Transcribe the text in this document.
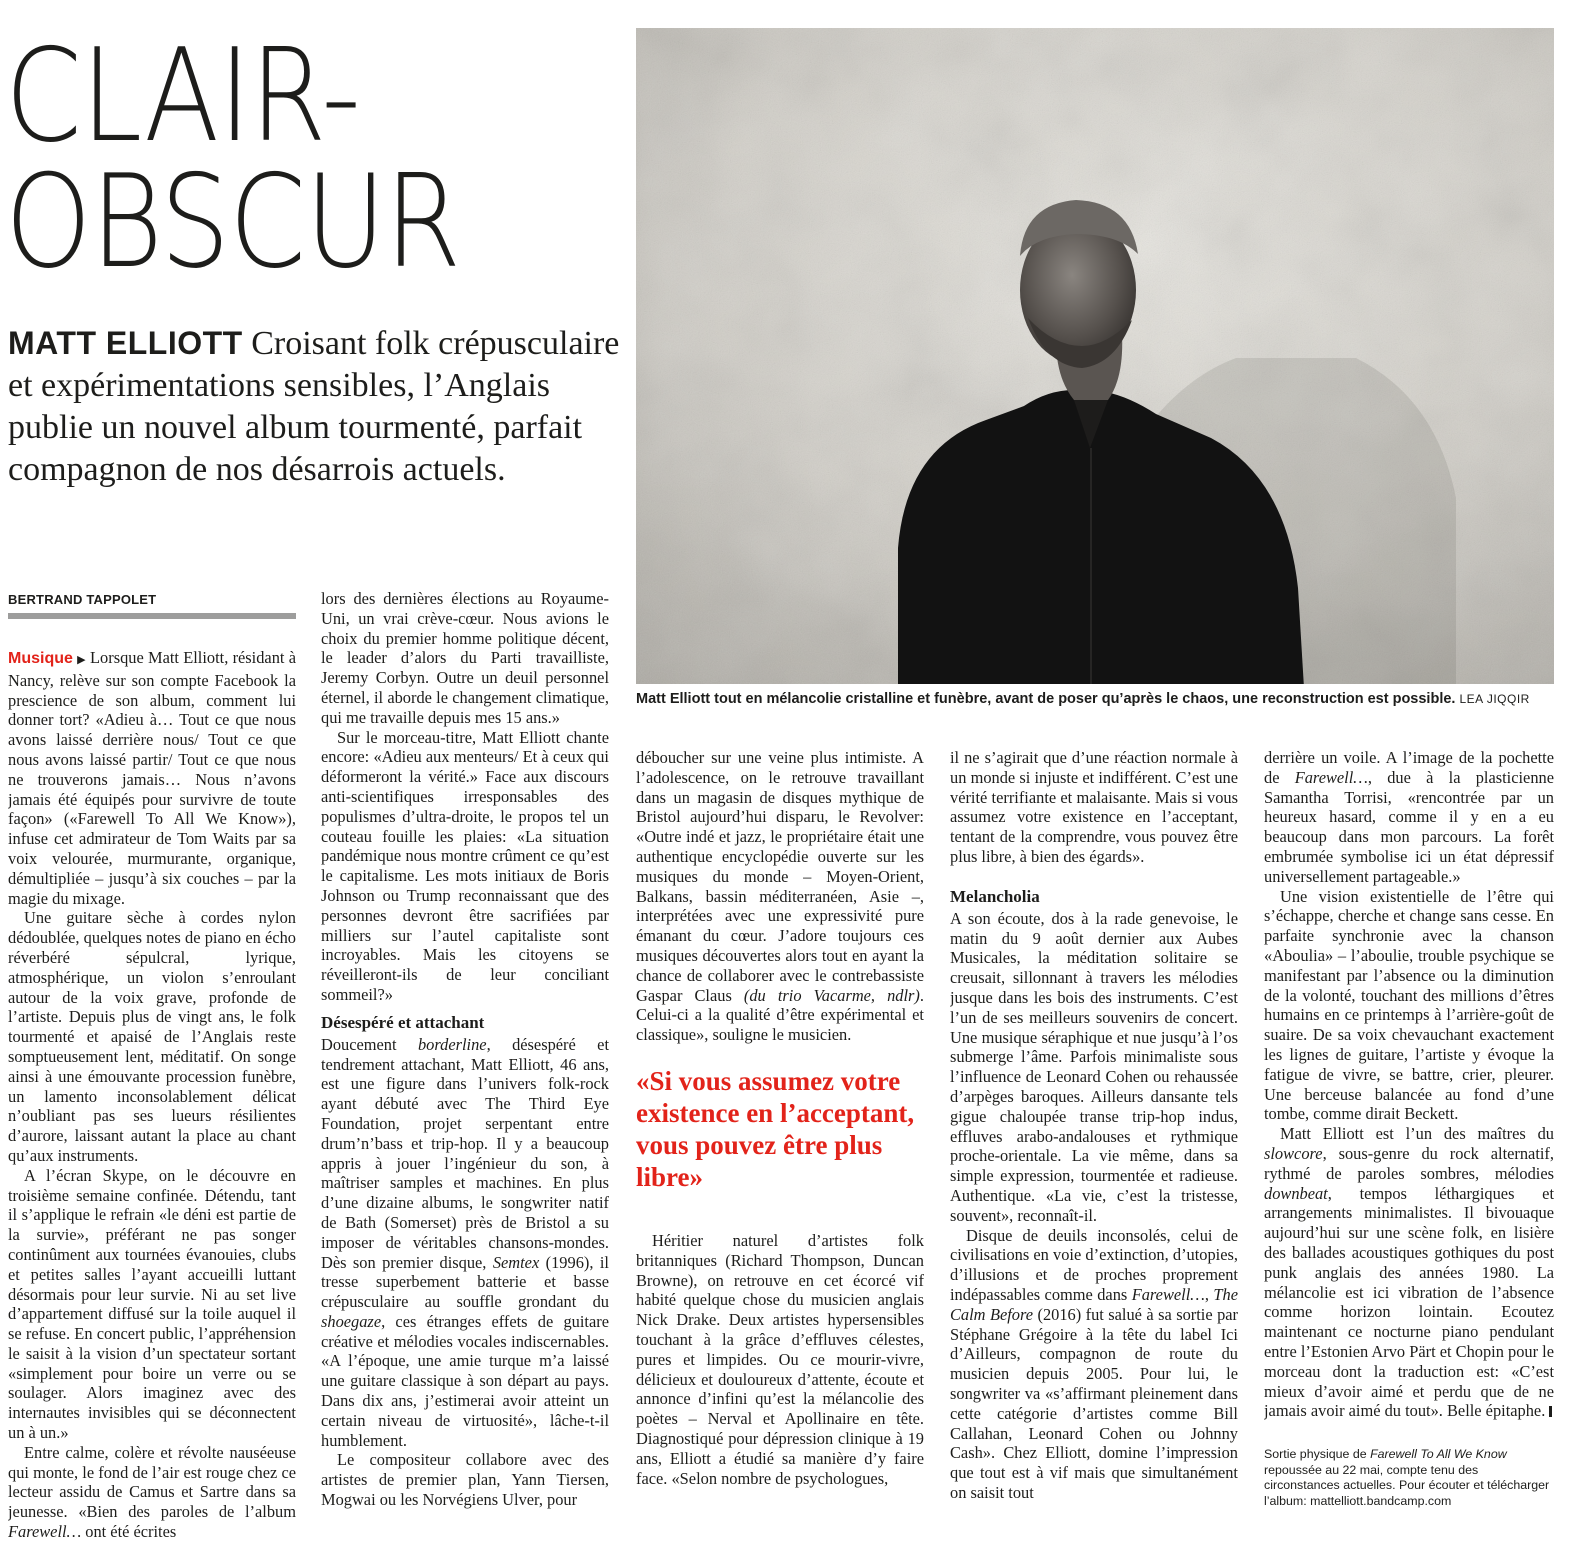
CLAIR-
OBSCUR

MATT ELLIOTT Croisant folk crépusculaire et expérimentations sensibles, l’Anglais publie un nouvel album tourmenté, parfait compagnon de nos désarrois actuels.

Matt Elliott tout en mélancolie cristalline et funèbre, avant de poser qu’après le chaos, une reconstruction est possible. LEA JIQQIR

BERTRAND TAPPOLET

Musique ▶ Lorsque Matt Elliott, résidant à Nancy, relève sur son compte Facebook la prescience de son album, comment lui donner tort? «Adieu à… Tout ce que nous avons laissé derrière nous/ Tout ce que nous avons laissé partir/ Tout ce que nous ne trouverons jamais… Nous n’avons jamais été équipés pour survivre de toute façon» («Farewell To All We Know»), infuse cet admirateur de Tom Waits par sa voix velourée, murmurante, organique, démultipliée – jusqu’à six couches – par la magie du mixage.

Une guitare sèche à cordes nylon dédoublée, quelques notes de piano en écho réverbéré sépulcral, lyrique, atmosphérique, un violon s’enroulant autour de la voix grave, profonde de l’artiste. Depuis plus de vingt ans, le folk tourmenté et apaisé de l’Anglais reste somptueusement lent, méditatif. On songe ainsi à une émouvante procession funèbre, un lamento inconsolablement délicat n’oubliant pas ses lueurs résilientes d’aurore, laissant autant la place au chant qu’aux instruments.

A l’écran Skype, on le découvre en troisième semaine confinée. Détendu, tant il s’applique le refrain «le déni est partie de la survie», préférant ne pas songer continûment aux tournées évanouies, clubs et petites salles l’ayant accueilli luttant désormais pour leur survie. Ni au set live d’appartement diffusé sur la toile auquel il se refuse. En concert public, l’appréhension le saisit à la vision d’un spectateur sortant «simplement pour boire un verre ou se soulager. Alors imaginez avec des internautes invisibles qui se déconnectent un à un.»

Entre calme, colère et révolte nauséeuse qui monte, le fond de l’air est rouge chez ce lecteur assidu de Camus et Sartre dans sa jeunesse. «Bien des paroles de l’album Farewell… ont été écrites

lors des dernières élections au Royaume-Uni, un vrai crève-cœur. Nous avions le choix du premier homme politique décent, le leader d’alors du Parti travailliste, Jeremy Corbyn. Outre un deuil personnel éternel, il aborde le changement climatique, qui me travaille depuis mes 15 ans.»

Sur le morceau-titre, Matt Elliott chante encore: «Adieu aux menteurs/ Et à ceux qui déformeront la vérité.» Face aux discours anti-scientifiques irresponsables des populismes d’ultra-droite, le propos tel un couteau fouille les plaies: «La situation pandémique nous montre crûment ce qu’est le capitalisme. Les mots initiaux de Boris Johnson ou Trump reconnaissant que des personnes devront être sacrifiées par milliers sur l’autel capitaliste sont incroyables. Mais les citoyens se réveilleront-ils de leur conciliant sommeil?»

Désespéré et attachant

Doucement borderline, désespéré et tendrement attachant, Matt Elliott, 46 ans, est une figure dans l’univers folk-rock ayant débuté avec The Third Eye Foundation, projet serpentant entre drum’n’bass et trip-hop. Il y a beaucoup appris à jouer l’ingénieur du son, à maîtriser samples et machines. En plus d’une dizaine albums, le songwriter natif de Bath (Somerset) près de Bristol a su imposer de véritables chansons-mondes. Dès son premier disque, Semtex (1996), il tresse superbement batterie et basse crépusculaire au souffle grondant du shoegaze, ces étranges effets de guitare créative et mélodies vocales indiscernables. «A l’époque, une amie turque m’a laissé une guitare classique à son départ au pays. Dans dix ans, j’estimerai avoir atteint un certain niveau de virtuosité», lâche-t-il humblement.

Le compositeur collabore avec des artistes de premier plan, Yann Tiersen, Mogwai ou les Norvégiens Ulver, pour

déboucher sur une veine plus intimiste. A l’adolescence, on le retrouve travaillant dans un magasin de disques mythique de Bristol aujourd’hui disparu, le Revolver: «Outre indé et jazz, le propriétaire était une authentique encyclopédie ouverte sur les musiques du monde – Moyen-Orient, Balkans, bassin méditerranéen, Asie –, interprétées avec une expressivité pure émanant du cœur. J’adore toujours ces musiques découvertes alors tout en ayant la chance de collaborer avec le contrebassiste Gaspar Claus (du trio Vacarme, ndlr). Celui-ci a la qualité d’être expérimental et classique», souligne le musicien.

«Si vous assumez votre existence en l’acceptant, vous pouvez être plus libre»

Héritier naturel d’artistes folk britanniques (Richard Thompson, Duncan Browne), on retrouve en cet écorcé vif habité quelque chose du musicien anglais Nick Drake. Deux artistes hypersensibles touchant à la grâce d’effluves célestes, pures et limpides. Ou ce mourir-vivre, délicieux et douloureux d’attente, écoute et annonce d’infini qu’est la mélancolie des poètes – Nerval et Apollinaire en tête. Diagnostiqué pour dépression clinique à 19 ans, Elliott a étudié sa manière d’y faire face. «Selon nombre de psychologues,

il ne s’agirait que d’une réaction normale à un monde si injuste et indifférent. C’est une vérité terrifiante et malaisante. Mais si vous assumez votre existence en l’acceptant, tentant de la comprendre, vous pouvez être plus libre, à bien des égards».

Melancholia

A son écoute, dos à la rade genevoise, le matin du 9 août dernier aux Aubes Musicales, la méditation solitaire se creusait, sillonnant à travers les mélodies jusque dans les bois des instruments. C’est l’un de ses meilleurs souvenirs de concert. Une musique séraphique et nue jusqu’à l’os submerge l’âme. Parfois minimaliste sous l’influence de Leonard Cohen ou rehaussée d’arpèges baroques. Ailleurs dansante tels gigue chaloupée transe trip-hop indus, effluves arabo-andalouses et rythmique proche-orientale. La vie même, dans sa simple expression, tourmentée et radieuse. Authentique. «La vie, c’est la tristesse, souvent», reconnaît-il.

Disque de deuils inconsolés, celui de civilisations en voie d’extinction, d’utopies, d’illusions et de proches proprement indépassables comme dans Farewell…, The Calm Before (2016) fut salué à sa sortie par Stéphane Grégoire à la tête du label Ici d’Ailleurs, compagnon de route du musicien depuis 2005. Pour lui, le songwriter va «s’affirmant pleinement dans cette catégorie d’artistes comme Bill Callahan, Leonard Cohen ou Johnny Cash». Chez Elliott, domine l’impression que tout est à vif mais que simultanément on saisit tout

derrière un voile. A l’image de la pochette de Farewell…, due à la plasticienne Samantha Torrisi, «rencontrée par un heureux hasard, comme il y en a eu beaucoup dans mon parcours. La forêt embrumée symbolise ici un état dépressif universellement partageable.»

Une vision existentielle de l’être qui s’échappe, cherche et change sans cesse. En parfaite synchronie avec la chanson «Aboulia» – l’aboulie, trouble psychique se manifestant par l’absence ou la diminution de la volonté, touchant des millions d’êtres humains en ce printemps à l’arrière-goût de suaire. De sa voix chevauchant exactement les lignes de guitare, l’artiste y évoque la fatigue de vivre, se battre, crier, pleurer. Une berceuse balancée au fond d’une tombe, comme dirait Beckett.

Matt Elliott est l’un des maîtres du slowcore, sous-genre du rock alternatif, rythmé de paroles sombres, mélodies downbeat, tempos léthargiques et arrangements minimalistes. Il bivouaque aujourd’hui sur une scène folk, en lisière des ballades acoustiques gothiques du post punk anglais des années 1980. La mélancolie est ici vibration de l’absence comme horizon lointain. Ecoutez maintenant ce nocturne piano pendulant entre l’Estonien Arvo Pärt et Chopin pour le morceau dont la traduction est: «C’est mieux d’avoir aimé et perdu que de ne jamais avoir aimé du tout». Belle épitaphe.

Sortie physique de Farewell To All We Know repoussée au 22 mai, compte tenu des circonstances actuelles. Pour écouter et télécharger l’album: mattelliott.bandcamp.com
